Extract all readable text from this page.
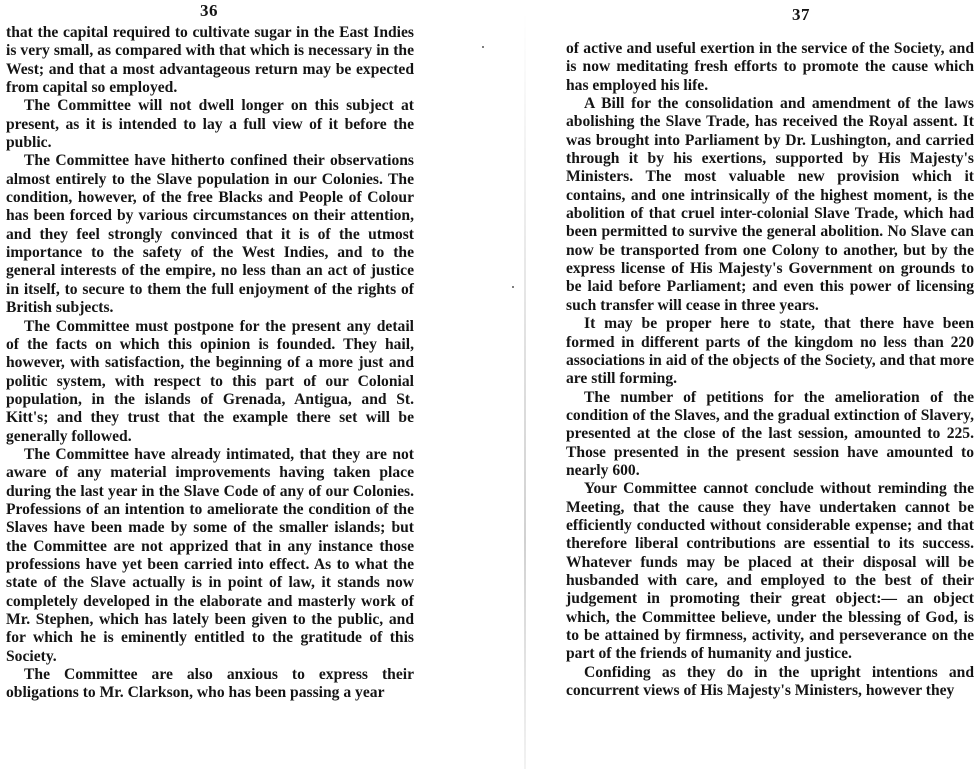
36

that the capital required to cultivate sugar in the East Indies is very small, as compared with that which is necessary in the West; and that a most advantageous return may be expected from capital so employed.

The Committee will not dwell longer on this subject at present, as it is intended to lay a full view of it before the public.

The Committee have hitherto confined their observations almost entirely to the Slave population in our Colonies. The condition, however, of the free Blacks and People of Colour has been forced by various circumstances on their attention, and they feel strongly convinced that it is of the utmost importance to the safety of the West Indies, and to the general interests of the empire, no less than an act of justice in itself, to secure to them the full enjoyment of the rights of British subjects.

The Committee must postpone for the present any detail of the facts on which this opinion is founded. They hail, however, with satisfaction, the beginning of a more just and politic system, with respect to this part of our Colonial population, in the islands of Grenada, Antigua, and St. Kitt's; and they trust that the example there set will be generally followed.

The Committee have already intimated, that they are not aware of any material improvements having taken place during the last year in the Slave Code of any of our Colonies. Professions of an intention to ameliorate the condition of the Slaves have been made by some of the smaller islands; but the Committee are not apprized that in any instance those professions have yet been carried into effect. As to what the state of the Slave actually is in point of law, it stands now completely developed in the elaborate and masterly work of Mr. Stephen, which has lately been given to the public, and for which he is eminently entitled to the gratitude of this Society.

The Committee are also anxious to express their obligations to Mr. Clarkson, who has been passing a year

37

of active and useful exertion in the service of the Society, and is now meditating fresh efforts to promote the cause which has employed his life.

A Bill for the consolidation and amendment of the laws abolishing the Slave Trade, has received the Royal assent. It was brought into Parliament by Dr. Lushington, and carried through it by his exertions, supported by His Majesty's Ministers. The most valuable new provision which it contains, and one intrinsically of the highest moment, is the abolition of that cruel inter-colonial Slave Trade, which had been permitted to survive the general abolition. No Slave can now be transported from one Colony to another, but by the express license of His Majesty's Government on grounds to be laid before Parliament; and even this power of licensing such transfer will cease in three years.

It may be proper here to state, that there have been formed in different parts of the kingdom no less than 220 associations in aid of the objects of the Society, and that more are still forming.

The number of petitions for the amelioration of the condition of the Slaves, and the gradual extinction of Slavery, presented at the close of the last session, amounted to 225. Those presented in the present session have amounted to nearly 600.

Your Committee cannot conclude without reminding the Meeting, that the cause they have undertaken cannot be efficiently conducted without considerable expense; and that therefore liberal contributions are essential to its success. Whatever funds may be placed at their disposal will be husbanded with care, and employed to the best of their judgement in promoting their great object:— an object which, the Committee believe, under the blessing of God, is to be attained by firmness, activity, and perseverance on the part of the friends of humanity and justice.

Confiding as they do in the upright intentions and concurrent views of His Majesty's Ministers, however they
